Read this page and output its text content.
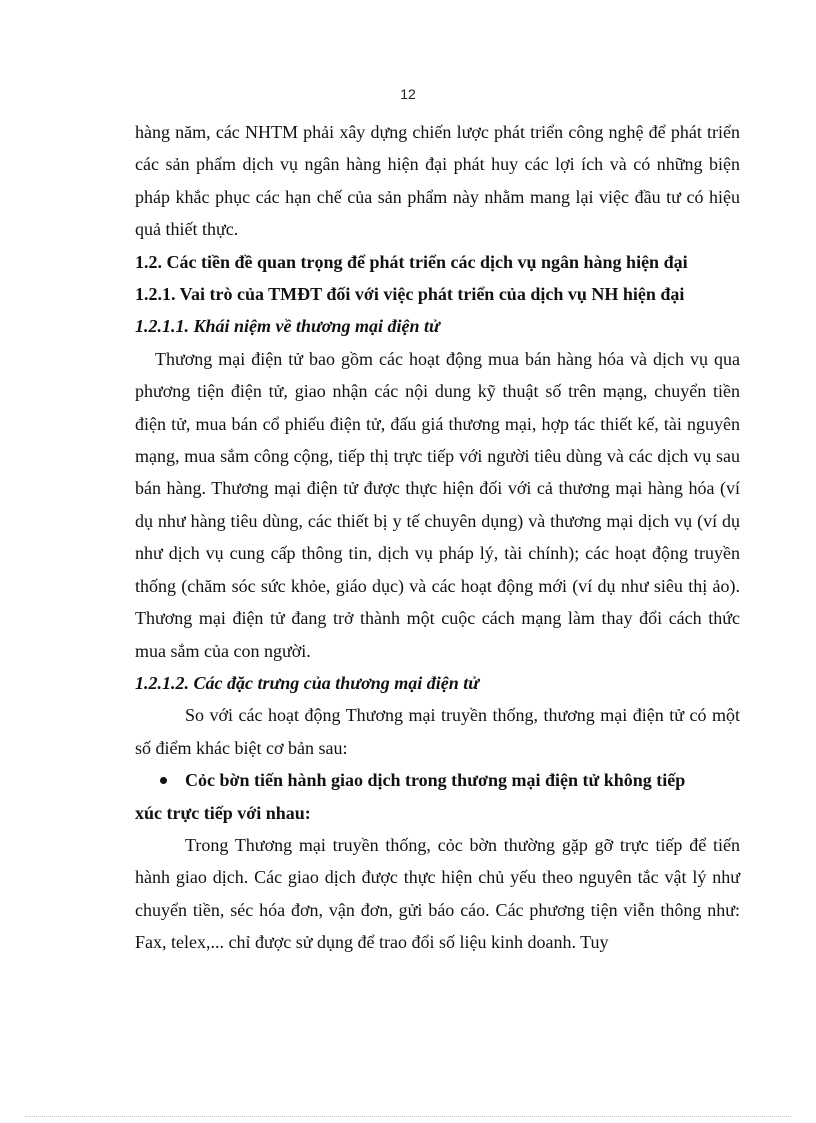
12

hàng năm, các NHTM phải xây dựng chiến lược phát triển công nghệ để phát triển các sản phẩm dịch vụ ngân hàng hiện đại phát huy các lợi ích và có những biện pháp khắc phục các hạn chế của sản phẩm này nhằm mang lại việc đầu tư có hiệu quả thiết thực.

1.2. Các tiền đề quan trọng để phát triển các dịch vụ ngân hàng hiện đại

1.2.1. Vai trò của TMĐT đối với việc phát triển của dịch vụ NH hiện đại

1.2.1.1. Khái niệm về thương mại điện tử

Thương mại điện tử bao gồm các hoạt động mua bán hàng hóa và dịch vụ qua phương tiện điện tử, giao nhận các nội dung kỹ thuật số trên mạng, chuyển tiền điện tử, mua bán cổ phiếu điện tử, đấu giá thương mại, hợp tác thiết kế, tài nguyên mạng, mua sắm công cộng, tiếp thị trực tiếp với người tiêu dùng và các dịch vụ sau bán hàng. Thương mại điện tử được thực hiện đối với cả thương mại hàng hóa (ví dụ như hàng tiêu dùng, các thiết bị y tế chuyên dụng) và thương mại dịch vụ (ví dụ như dịch vụ cung cấp thông tin, dịch vụ pháp lý, tài chính); các hoạt động truyền thống (chăm sóc sức khỏe, giáo dục) và các hoạt động mới (ví dụ như siêu thị ảo). Thương mại điện tử đang trở thành một cuộc cách mạng làm thay đổi cách thức mua sắm của con người.

1.2.1.2. Các đặc trưng của thương mại điện tử

So với các hoạt động Thương mại truyền thống, thương mại điện tử có một số điểm khác biệt cơ bản sau:

Cỏc bờn tiến hành giao dịch trong thương mại điện tử không tiếp
xúc trực tiếp với nhau:

Trong Thương mại truyền thống, cỏc bờn thường gặp gỡ trực tiếp để tiến hành giao dịch. Các giao dịch được thực hiện chủ yếu theo nguyên tắc vật lý như chuyển tiền, séc hóa đơn, vận đơn, gửi báo cáo. Các phương tiện viễn thông như: Fax, telex,... chỉ được sử dụng để trao đổi số liệu kinh doanh. Tuy
